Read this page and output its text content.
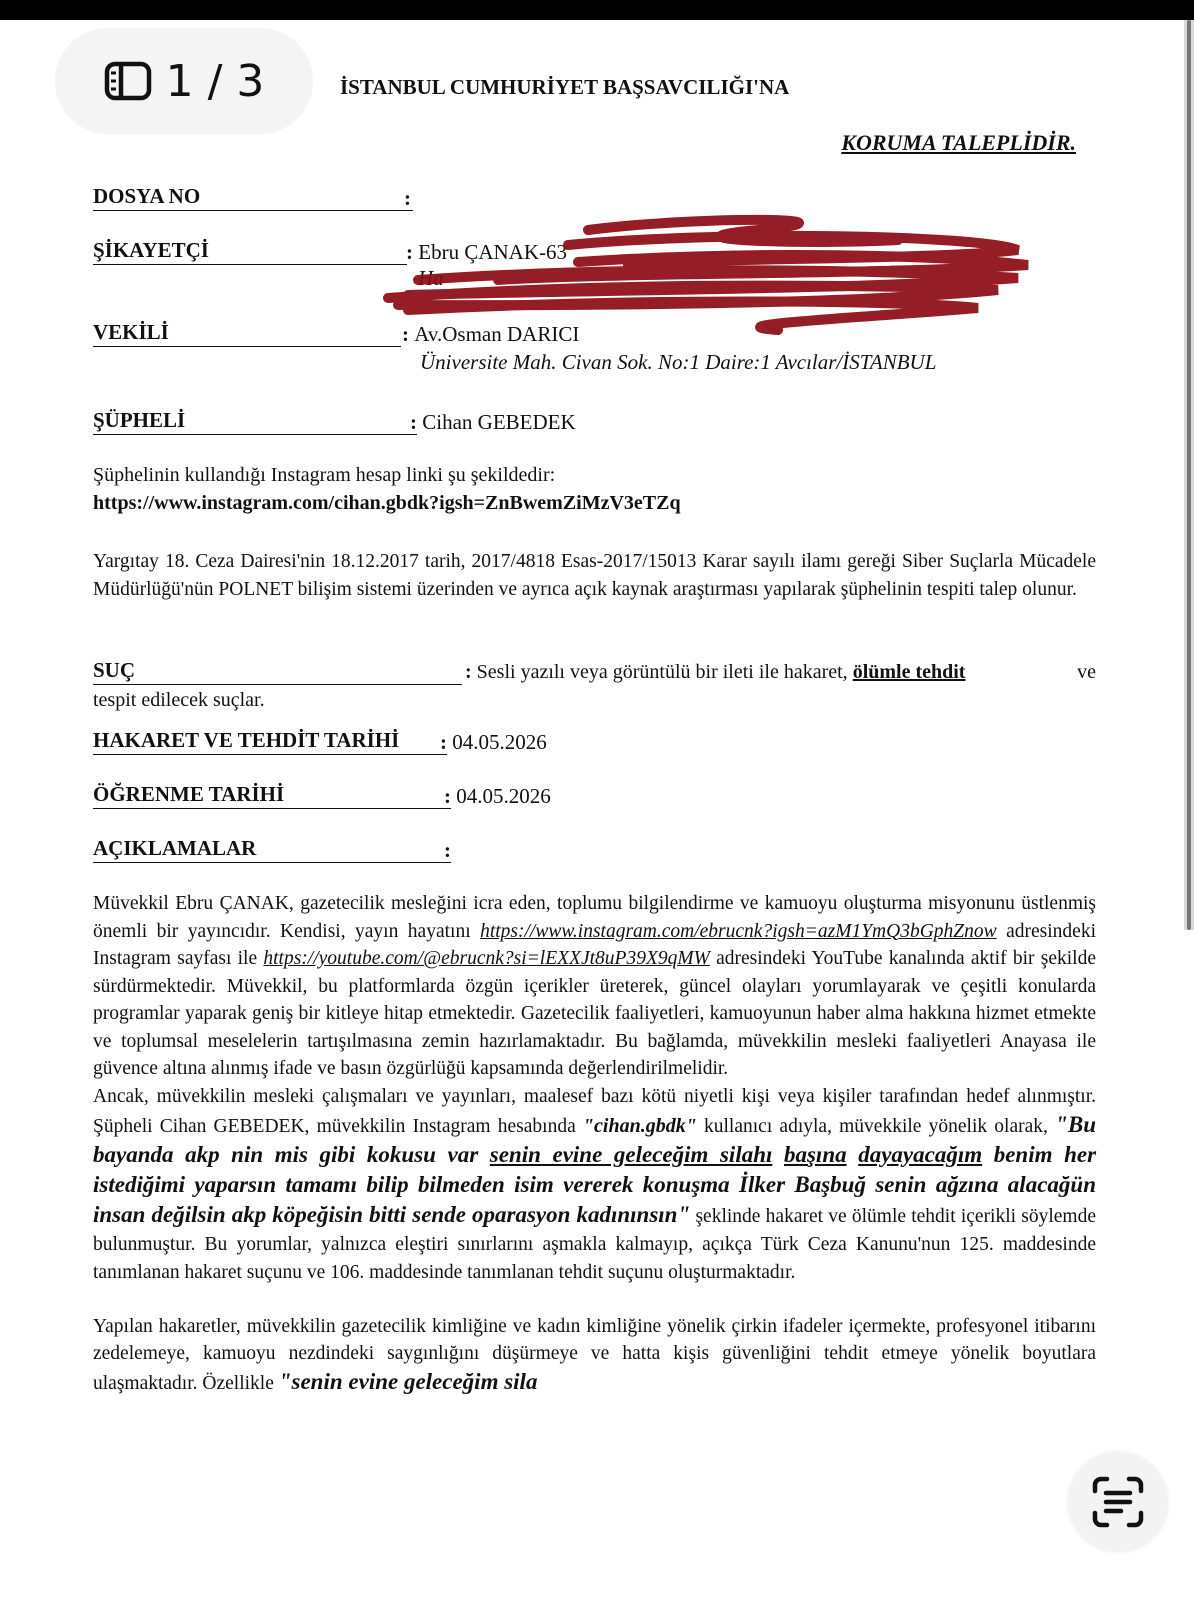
1 / 3	İSTANBUL CUMHURİYET BAŞSAVCILIĞI'NA
KORUMA TALEPLİDİR.
DOSYA NO	:
ŞİKAYETÇİ	: Ebru ÇANAK-63
Ha
VEKİLİ	: Av.Osman DARICI
Üniversite Mah. Civan Sok. No:1 Daire:1 Avcılar/İSTANBUL
ŞÜPHELİ	: Cihan GEBEDEK
Şüphelinin kullandığı Instagram hesap linki şu şekildedir:
https://www.instagram.com/cihan.gbdk?igsh=ZnBwemZiMzV3eTZq

Yargıtay 18. Ceza Dairesi'nin 18.12.2017 tarih, 2017/4818 Esas-2017/15013 Karar sayılı ilamı gereği Siber Suçlarla Mücadele Müdürlüğü'nün POLNET bilişim sistemi üzerinden ve ayrıca açık kaynak araştırması yapılarak şüphelinin tespiti talep olunur.

SUÇ	: Sesli yazılı veya görüntülü bir ileti ile hakaret, ölümle tehdit	ve
tespit edilecek suçlar.
HAKARET VE TEHDİT TARİHİ	: 04.05.2026
ÖĞRENME TARİHİ	: 04.05.2026
AÇIKLAMALAR	:

Müvekkil Ebru ÇANAK, gazetecilik mesleğini icra eden, toplumu bilgilendirme ve kamuoyu oluşturma misyonunu üstlenmiş önemli bir yayıncıdır. Kendisi, yayın hayatını https://www.instagram.com/ebrucnk?igsh=azM1YmQ3bGphZnow adresindeki Instagram sayfası ile https://youtube.com/@ebrucnk?si=lEXXJt8uP39X9qMW adresindeki YouTube kanalında aktif bir şekilde sürdürmektedir. Müvekkil, bu platformlarda özgün içerikler üreterek, güncel olayları yorumlayarak ve çeşitli konularda programlar yaparak geniş bir kitleye hitap etmektedir. Gazetecilik faaliyetleri, kamuoyunun haber alma hakkına hizmet etmekte ve toplumsal meselelerin tartışılmasına zemin hazırlamaktadır. Bu bağlamda, müvekkilin mesleki faaliyetleri Anayasa ile güvence altına alınmış ifade ve basın özgürlüğü kapsamında değerlendirilmelidir.

Ancak, müvekkilin mesleki çalışmaları ve yayınları, maalesef bazı kötü niyetli kişi veya kişiler tarafından hedef alınmıştır. Şüpheli Cihan GEBEDEK, müvekkilin Instagram hesabında "cihan.gbdk" kullanıcı adıyla, müvekkile yönelik olarak, "Bu bayanda akp nin mis gibi kokusu var senin evine geleceğim silahı başına dayayacağım benim her istediğimi yaparsın tamamı bilip bilmeden isim vererek konuşma İlker Başbuğ senin ağzına alacağün insan değilsin akp köpeğisin bitti sende oparasyon kadınınsın" şeklinde hakaret ve ölümle tehdit içerikli söylemde bulunmuştur. Bu yorumlar, yalnızca eleştiri sınırlarını aşmakla kalmayıp, açıkça Türk Ceza Kanunu'nun 125. maddesinde tanımlanan hakaret suçunu ve 106. maddesinde tanımlanan tehdit suçunu oluşturmaktadır.

Yapılan hakaretler, müvekkilin gazetecilik kimliğine ve kadın kimliğine yönelik çirkin ifadeler içermekte, profesyonel itibarını zedelemeye, kamuoyu nezdindeki saygınlığını düşürmeye ve hatta kişis güvenliğini tehdit etmeye yönelik boyutlara ulaşmaktadır. Özellikle "senin evine geleceğim sila
